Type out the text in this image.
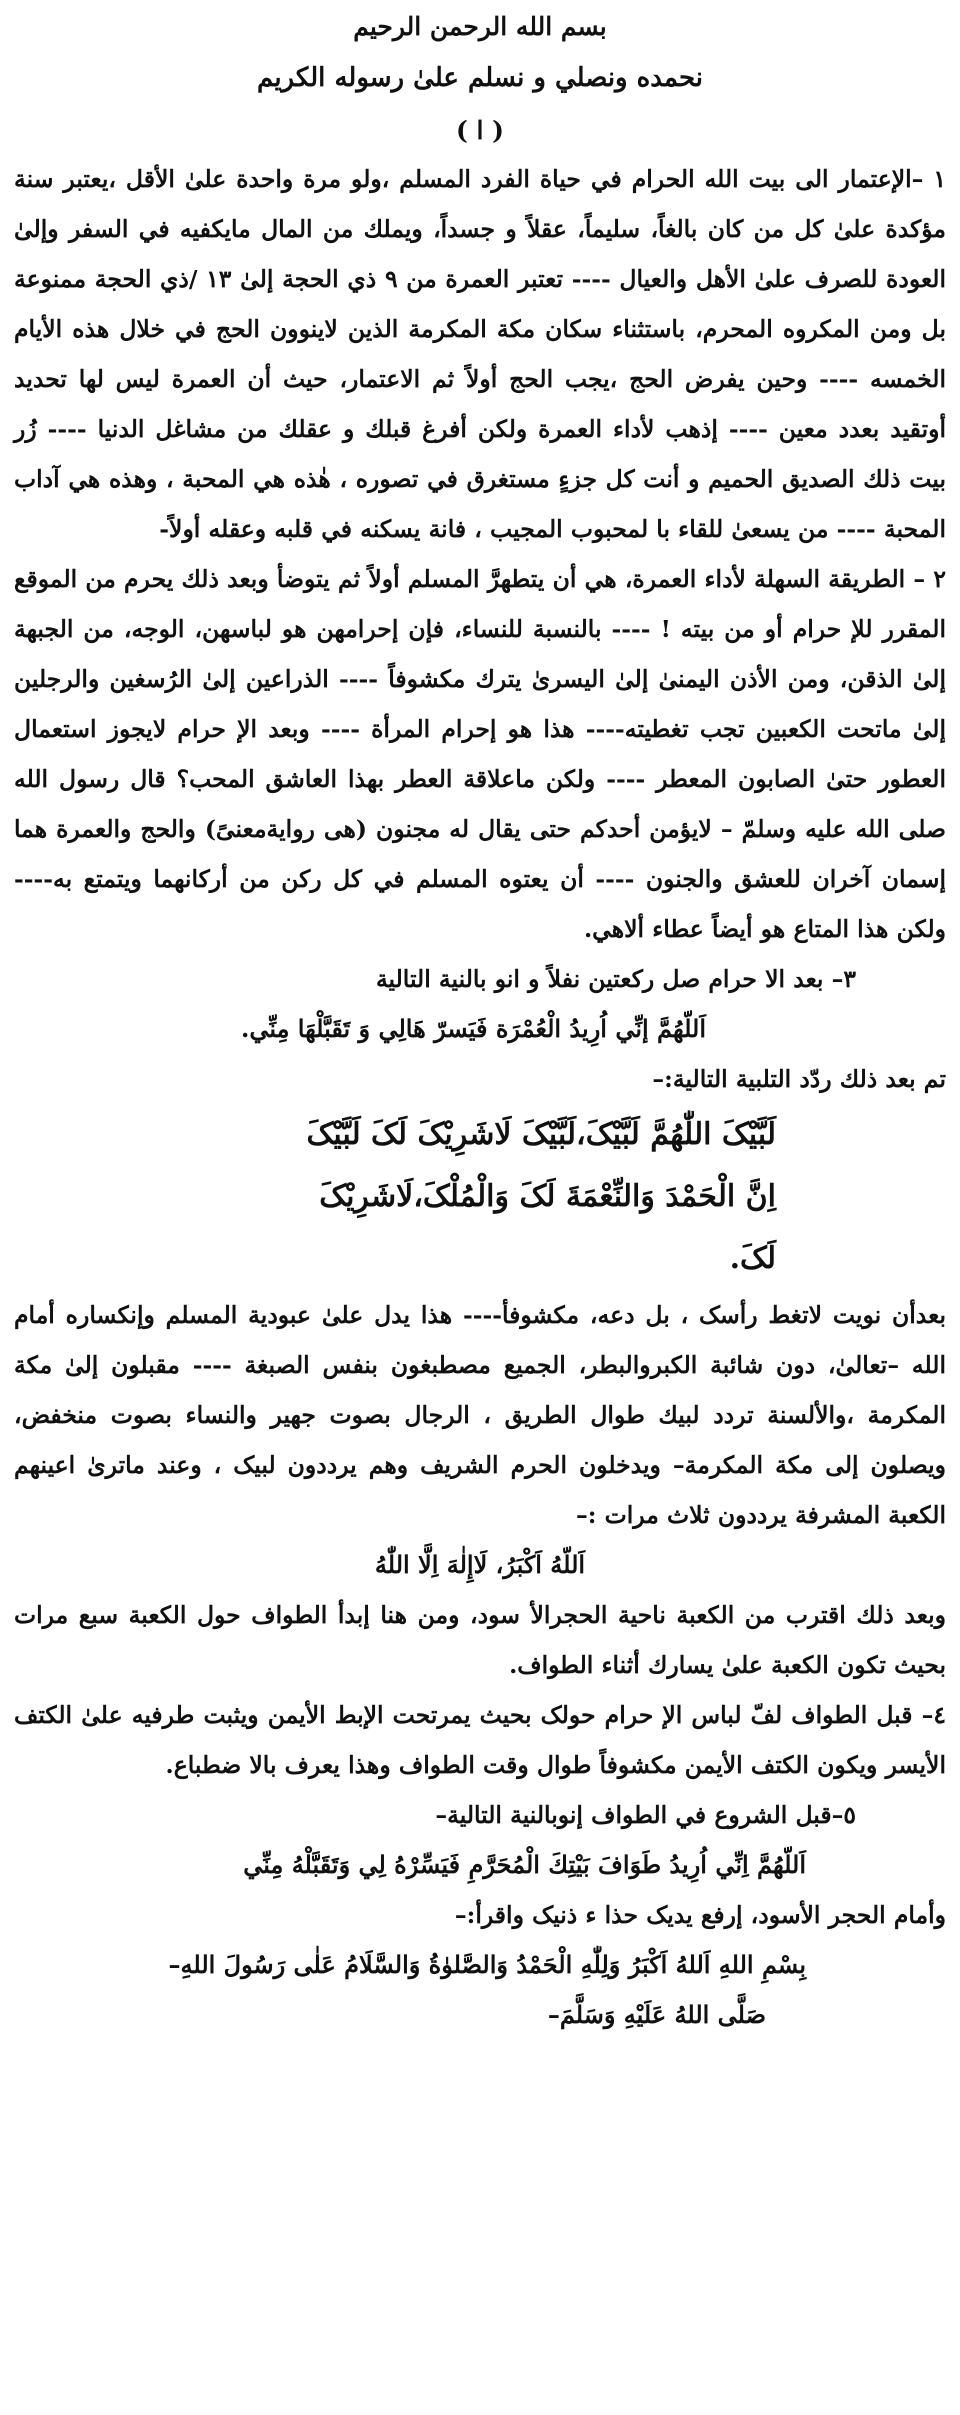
بسم الله الرحمن الرحيم
نحمده ونصلي و نسلم علىٰ رسوله الكريم
( ا )

١ –الإعتمار الى بيت الله الحرام في حياة الفرد المسلم ،ولو مرة واحدة علىٰ الأقل ،يعتبر سنة مؤكدة علىٰ كل من كان بالغاً، سليماً، عقلاً و جسداً، ويملك من المال مايكفيه في السفر وإلىٰ العودة للصرف علىٰ الأهل والعيال ---- تعتبر العمرة من ٩ ذي الحجة إلىٰ ١٣ /ذي الحجة ممنوعة بل ومن المكروه المحرم، باستثناء سكان مكة المكرمة الذين لاينوون الحج في خلال هذه الأيام الخمسه ---- وحين يفرض الحج ،يجب الحج أولاً ثم الاعتمار، حيث أن العمرة ليس لها تحديد أوتقيد بعدد معين ---- إذهب لأداء العمرة ولكن أفرغ قبلك و عقلك من مشاغل الدنيا ---- زُر بيت ذلك الصديق الحميم و أنت كل جزءٍ مستغرق في تصوره ، هٰذه هي المحبة ، وهذه هي آداب المحبة ---- من يسعىٰ للقاء با لمحبوب المجيب ، فانة يسكنه في قلبه وعقله أولاً-

٢ – الطريقة السهلة لأداء العمرة، هي أن يتطهرَّ المسلم أولاً ثم يتوضأ وبعد ذلك يحرم من الموقع المقرر للإ حرام أو من بيته ! ---- بالنسبة للنساء، فإن إحرامهن هو لباسهن، الوجه، من الجبهة إلىٰ الذقن، ومن الأذن اليمنىٰ إلىٰ اليسرىٰ يترك مكشوفاً ---- الذراعين إلىٰ الرُسغين والرجلين إلىٰ ماتحت الكعبين تجب تغطيته---- هذا هو إحرام المرأة ---- وبعد الإ حرام لايجوز استعمال العطور حتىٰ الصابون المعطر ---- ولكن ماعلاقة العطر بهذا العاشق المحب؟ قال رسول الله صلى الله عليه وسلمّ – لايؤمن أحدكم حتى يقال له مجنون (هی روایةمعنیً) والحج والعمرة هما إسمان آخران للعشق والجنون ---- أن يعتوه المسلم في كل ركن من أركانهما ويتمتع به---- ولكن هذا المتاع هو أيضاً عطاء ألاهي.

٣– بعد الا حرام صل ركعتين نفلاً و انو بالنية التالية

اَللّهُمَّ إنِّي اُرِيدُ الْعُمْرَة فَيَسرّ هَالِي وَ تَقَبَّلْهَا مِنِّي.

تم بعد ذلك ردّد التلبية التالية:–

لَبَّیْکَ اللّٰهُمَّ لَبَّیْکَ،لَبَّیْکَ لَاشَرِیْکَ لَکَ لَبَّیْکَ

اِنَّ الْحَمْدَ وَالنِّعْمَةَ لَکَ وَالْمُلْکَ،لَاشَرِیْکَ

لَکَ.

بعدأن نويت لاتغط رأسک ، بل دعه، مكشوفأ---- هذا يدل علىٰ عبودية المسلم وإنكساره أمام الله –تعالىٰ، دون شائبة الكبروالبطر، الجميع مصطبغون بنفس الصبغة ---- مقبلون إلىٰ مكة المكرمة ،والألسنة تردد لبيك طوال الطريق ، الرجال بصوت جهير والنساء بصوت منخفض، ويصلون إلى مكة المكرمة– ويدخلون الحرم الشريف وهم يرددون لبيک ، وعند ماتریٰ اعينهم الكعبة المشرفة يرددون ثلاث مرات :–

اَللّهُ اَكْبَرُ، لَاإِلٰهَ اِلَّا اللّٰهُ

وبعد ذلك اقترب من الكعبة ناحية الحجرالأ سود، ومن هنا إبدأ الطواف حول الكعبة سبع مرات بحيث تكون الكعبة علىٰ يسارك أثناء الطواف.

٤– قبل الطواف لفّ لباس الإ حرام حولک بحيث يمرتحت الإبط الأيمن ويثبت طرفيه علىٰ الكتف الأيسر ويكون الكتف الأيمن مكشوفاً طوال وقت الطواف وهذا يعرف بالا ضطباع.

٥–قبل الشروع في الطواف إنوبالنية التالية–

اَللّهُمَّ اِنِّي اُرِيدُ طَوَافَ بَيْتِكَ الْمُحَرَّمِ فَيَسِّرْهُ لِي وَتَقَبَّلْهُ مِنِّي

وأمام الحجر الأسود، إرفع يديک حذا ء ذنيک واقرأ:–

بِسْمِ اللهِ اَللهُ اَكْبَرُ وَلِلّٰهِ الْحَمْدُ وَالصَّلوٰةُ وَالسَّلَامُ عَلٰى رَسُولَ اللهِ–

صَلَّى اللهُ عَلَيْهِ وَسَلَّمَ–
